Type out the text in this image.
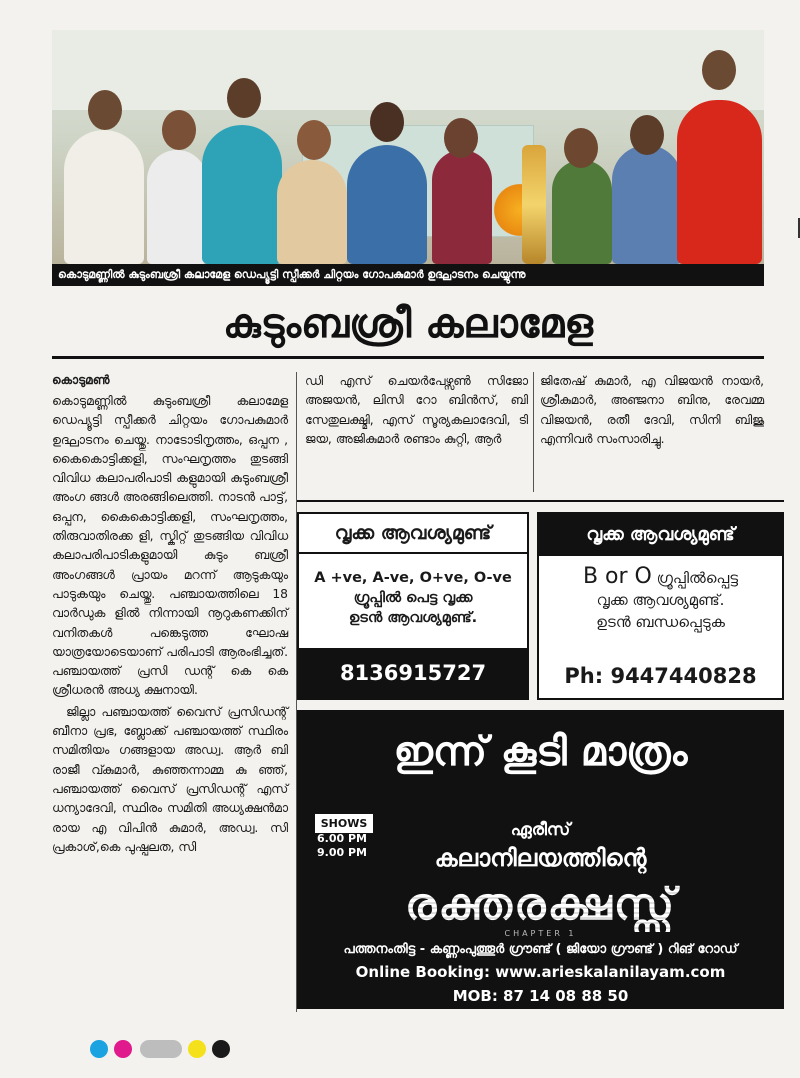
കൊടുമണ്ണിൽ കുടുംബശ്രീ കലാമേള ഡെപ്യൂട്ടി സ്പീക്കർ ചിറ്റയം ഗോപകുമാർ ഉദ്ഘാടനം ചെയ്യുന്നു
കുടുംബശ്രീ കലാമേള
കൊടുമൺ

കൊടുമണ്ണിൽ കുടുംബശ്രീ കലാമേള ഡെപ്യൂട്ടി സ്പീക്കർ ചിറ്റയം ഗോപകുമാർ ഉദ്ഘാടനം ചെയ്തു. നാടോടിനൃത്തം, ഒപ്പന , കൈകൊട്ടിക്കളി, സംഘനൃത്തം തുടങ്ങി വിവിധ കലാപരിപാടി കളുമായി കുടുംബശ്രീ അംഗ ങ്ങൾ അരങ്ങിലെത്തി. നാടൻ പാട്ട്, ഒപ്പന, കൈകൊട്ടിക്കളി, സംഘനൃത്തം, തിരുവാതിരക്ക ളി, സ്കിറ്റ് തുടങ്ങിയ വിവിധ കലാപരിപാടികളുമായി കുടും ബശ്രീ അംഗങ്ങൾ പ്രായം മറന്ന് ആടുകയും പാടുകയും ചെയ്തു. പഞ്ചായത്തിലെ 18 വാർഡുക ളിൽ നിന്നായി നൂറുകണക്കിന് വനിതകൾ പങ്കെടുത്ത ഘോഷ യാത്രയോടെയാണ് പരിപാടി ആരംഭിച്ചത്. പഞ്ചായത്ത് പ്രസി ഡന്റ് കെ കെ ശ്രീധരൻ അധ്യ ക്ഷനായി.

ജില്ലാ പഞ്ചായത്ത് വൈസ് പ്രസിഡന്റ് ബീനാ പ്രഭ, ബ്ലോക്ക് പഞ്ചായത്ത് സ്ഥിരം സമിതിയം ഗങ്ങളായ അഡ്വ. ആർ ബി രാജീ വ്കുമാർ, കുഞ്ഞന്നാമ്മ കു ഞ്ഞ്, പഞ്ചായത്ത് വൈസ് പ്രസിഡന്റ് എസ് ധന്യാദേവി, സ്ഥിരം സമിതി അധ്യക്ഷൻമാ രായ എ വിപിൻ കുമാർ, അഡ്വ. സി പ്രകാശ്,കെ പുഷ്പലത, സി

ഡി എസ് ചെയർപേഴ്സൺ സിജോ അജയൻ, ലിസി റോ ബിൻസ്, ബി സേതുലക്ഷ്മി, എസ് സൂര്യകലാദേവി, ടി ജയ, അജികുമാർ രണ്ടാം കുറ്റി, ആർ
ജിതേഷ് കുമാർ, എ വിജയൻ നായർ, ശ്രീകുമാർ, അഞ്ജനാ ബിനു, രേവമ്മ വിജയൻ, രതീ ദേവി, സിനി ബിജു എന്നിവർ സംസാരിച്ചു.
വൃക്ക ആവശ്യമുണ്ട്
A +ve, A-ve, O+ve, O-ve
ഗ്രൂപ്പിൽ പെട്ട വൃക്ക
ഉടൻ ആവശ്യമുണ്ട്.
8136915727
വൃക്ക ആവശ്യമുണ്ട്
B or O ഗ്രൂപ്പിൽപ്പെട്ട
വൃക്ക ആവശ്യമുണ്ട്.
ഉടൻ ബന്ധപ്പെടുക
Ph: 9447440828
ഇന്ന് കൂടി മാത്രം
SHOWS
6.00 PM
9.00 PM
ഏരീസ്
കലാനിലയത്തിന്റെ
രക്തരക്ഷസ്സ്
CHAPTER 1
പത്തനംതിട്ട - കണ്ണംപുത്തൂർ ഗ്രൗണ്ട് ( ജിയോ ഗ്രൗണ്ട് ) റിങ് റോഡ്
Online Booking: www.arieskalanilayam.com
MOB: 87 14 08 88 50
